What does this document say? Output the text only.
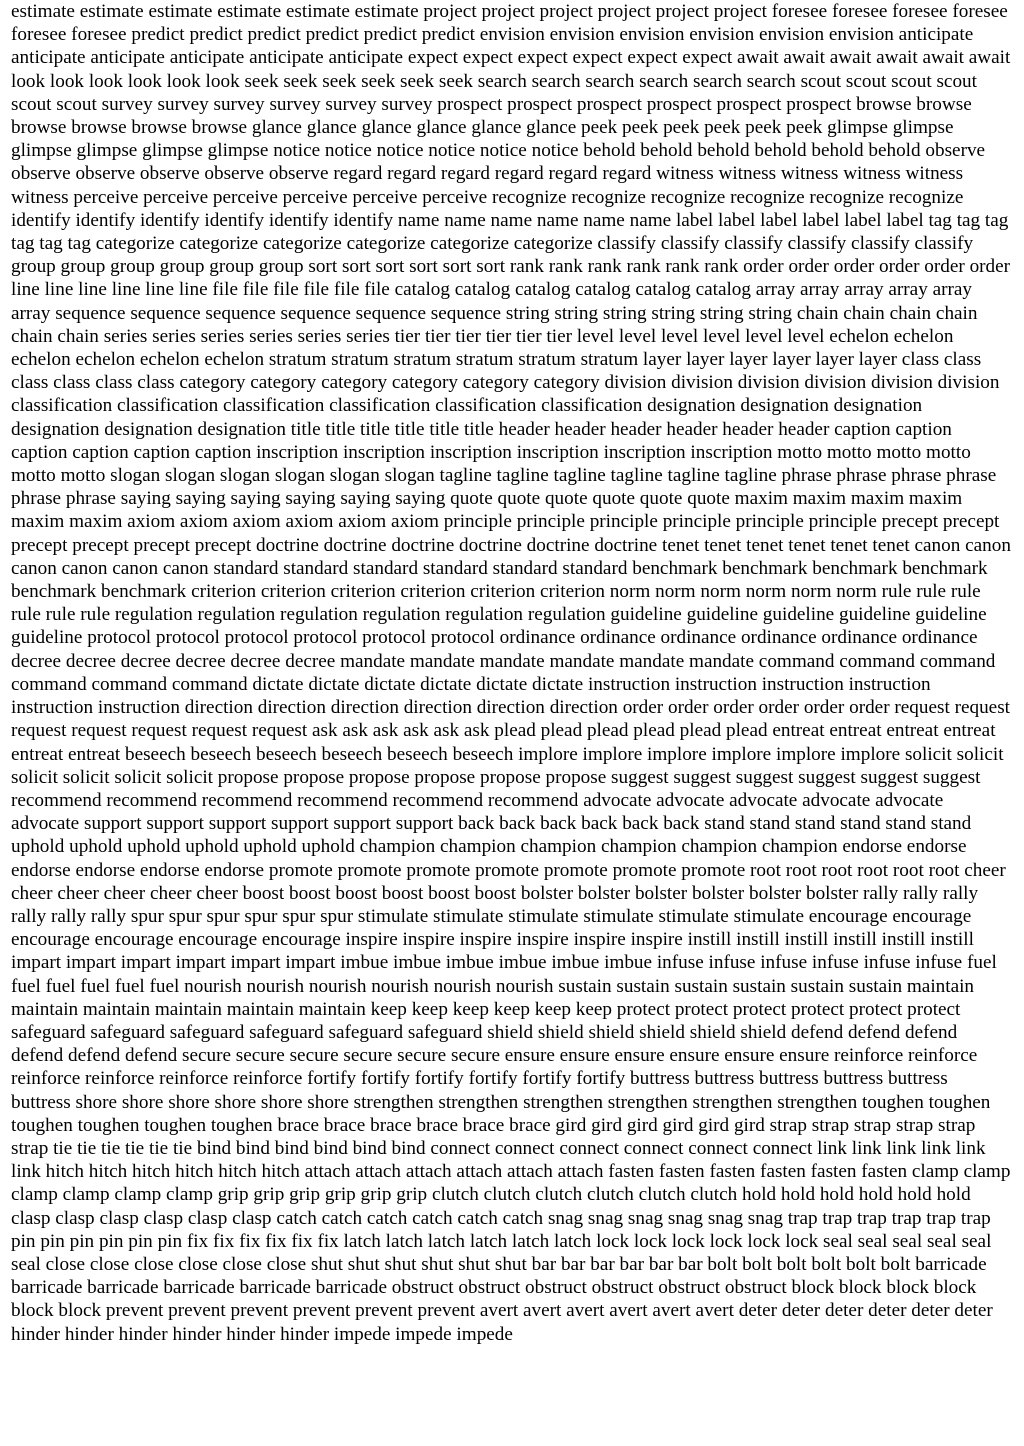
estimate estimate estimate estimate estimate estimate project project project project project project foresee foresee foresee foresee foresee foresee predict predict predict predict predict predict envision envision envision envision envision envision anticipate anticipate anticipate anticipate anticipate anticipate expect expect expect expect expect expect await await await await await await look look look look look look seek seek seek seek seek seek search search search search search search scout scout scout scout scout scout survey survey survey survey survey survey prospect prospect prospect prospect prospect prospect browse browse browse browse browse browse glance glance glance glance glance glance peek peek peek peek peek peek glimpse glimpse glimpse glimpse glimpse glimpse notice notice notice notice notice notice behold behold behold behold behold behold observe observe observe observe observe observe regard regard regard regard regard regard witness witness witness witness witness witness perceive perceive perceive perceive perceive perceive recognize recognize recognize recognize recognize recognize identify identify identify identify identify identify name name name name name name label label label label label label tag tag tag tag tag tag categorize categorize categorize categorize categorize categorize classify classify classify classify classify classify group group group group group group sort sort sort sort sort sort rank rank rank rank rank rank order order order order order order line line line line line line file file file file file file catalog catalog catalog catalog catalog catalog array array array array array array sequence sequence sequence sequence sequence sequence string string string string string string chain chain chain chain chain chain series series series series series series tier tier tier tier tier tier level level level level level level echelon echelon echelon echelon echelon echelon stratum stratum stratum stratum stratum stratum layer layer layer layer layer layer class class class class class class category category category category category category division division division division division division classification classification classification classification classification classification designation designation designation designation designation designation title title title title title title header header header header header header caption caption caption caption caption caption inscription inscription inscription inscription inscription inscription motto motto motto motto motto motto slogan slogan slogan slogan slogan slogan tagline tagline tagline tagline tagline tagline phrase phrase phrase phrase phrase phrase saying saying saying saying saying saying quote quote quote quote quote quote maxim maxim maxim maxim maxim maxim axiom axiom axiom axiom axiom axiom principle principle principle principle principle principle precept precept precept precept precept precept doctrine doctrine doctrine doctrine doctrine doctrine tenet tenet tenet tenet tenet tenet canon canon canon canon canon canon standard standard standard standard standard standard benchmark benchmark benchmark benchmark benchmark benchmark criterion criterion criterion criterion criterion criterion norm norm norm norm norm norm rule rule rule rule rule rule regulation regulation regulation regulation regulation regulation guideline guideline guideline guideline guideline guideline protocol protocol protocol protocol protocol protocol ordinance ordinance ordinance ordinance ordinance ordinance decree decree decree decree decree decree mandate mandate mandate mandate mandate mandate command command command command command command dictate dictate dictate dictate dictate dictate instruction instruction instruction instruction instruction instruction direction direction direction direction direction direction order order order order order order request request request request request request request ask ask ask ask ask ask plead plead plead plead plead plead entreat entreat entreat entreat entreat entreat beseech beseech beseech beseech beseech beseech implore implore implore implore implore implore solicit solicit solicit solicit solicit solicit propose propose propose propose propose propose suggest suggest suggest suggest suggest suggest recommend recommend recommend recommend recommend recommend advocate advocate advocate advocate advocate advocate support support support support support support back back back back back back stand stand stand stand stand stand uphold uphold uphold uphold uphold uphold champion champion champion champion champion champion endorse endorse endorse endorse endorse endorse promote promote promote promote promote promote promote root root root root root root cheer cheer cheer cheer cheer cheer boost boost boost boost boost boost bolster bolster bolster bolster bolster bolster rally rally rally rally rally rally spur spur spur spur spur spur stimulate stimulate stimulate stimulate stimulate stimulate encourage encourage encourage encourage encourage encourage inspire inspire inspire inspire inspire inspire instill instill instill instill instill instill impart impart impart impart impart impart imbue imbue imbue imbue imbue imbue infuse infuse infuse infuse infuse infuse fuel fuel fuel fuel fuel fuel nourish nourish nourish nourish nourish nourish sustain sustain sustain sustain sustain sustain maintain maintain maintain maintain maintain maintain keep keep keep keep keep keep protect protect protect protect protect protect safeguard safeguard safeguard safeguard safeguard safeguard shield shield shield shield shield shield defend defend defend defend defend defend secure secure secure secure secure secure ensure ensure ensure ensure ensure ensure reinforce reinforce reinforce reinforce reinforce reinforce fortify fortify fortify fortify fortify fortify buttress buttress buttress buttress buttress buttress shore shore shore shore shore shore strengthen strengthen strengthen strengthen strengthen strengthen toughen toughen toughen toughen toughen toughen brace brace brace brace brace brace gird gird gird gird gird gird strap strap strap strap strap strap tie tie tie tie tie tie bind bind bind bind bind bind connect connect connect connect connect connect link link link link link link hitch hitch hitch hitch hitch hitch attach attach attach attach attach attach fasten fasten fasten fasten fasten fasten clamp clamp clamp clamp clamp clamp grip grip grip grip grip grip clutch clutch clutch clutch clutch clutch hold hold hold hold hold hold clasp clasp clasp clasp clasp clasp catch catch catch catch catch catch snag snag snag snag snag snag trap trap trap trap trap trap pin pin pin pin pin pin fix fix fix fix fix fix latch latch latch latch latch latch lock lock lock lock lock lock seal seal seal seal seal seal close close close close close close shut shut shut shut shut shut bar bar bar bar bar bar bolt bolt bolt bolt bolt bolt barricade barricade barricade barricade barricade barricade obstruct obstruct obstruct obstruct obstruct obstruct block block block block block block prevent prevent prevent prevent prevent prevent avert avert avert avert avert avert deter deter deter deter deter deter hinder hinder hinder hinder hinder hinder impede impede impede
